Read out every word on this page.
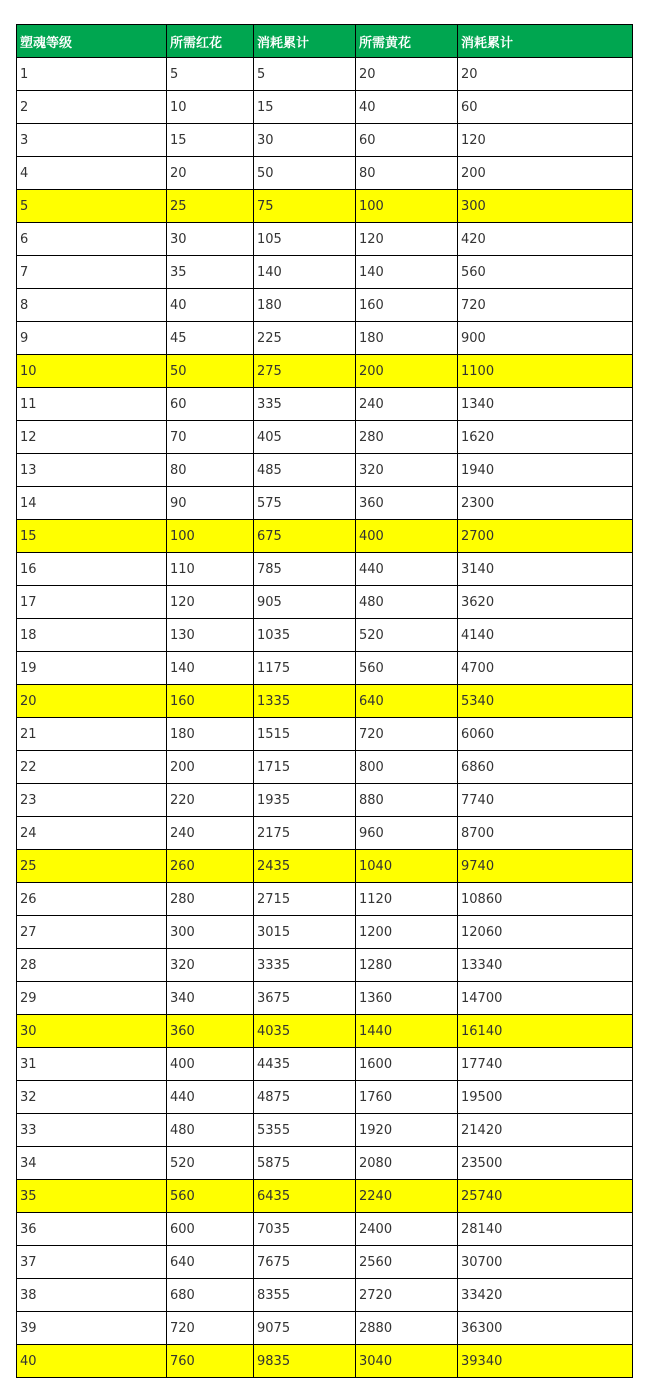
塑魂等级	所需红花	消耗累计	所需黄花	消耗累计
1	5	5	20	20
2	10	15	40	60
3	15	30	60	120
4	20	50	80	200
5	25	75	100	300
6	30	105	120	420
7	35	140	140	560
8	40	180	160	720
9	45	225	180	900
10	50	275	200	1100
11	60	335	240	1340
12	70	405	280	1620
13	80	485	320	1940
14	90	575	360	2300
15	100	675	400	2700
16	110	785	440	3140
17	120	905	480	3620
18	130	1035	520	4140
19	140	1175	560	4700
20	160	1335	640	5340
21	180	1515	720	6060
22	200	1715	800	6860
23	220	1935	880	7740
24	240	2175	960	8700
25	260	2435	1040	9740
26	280	2715	1120	10860
27	300	3015	1200	12060
28	320	3335	1280	13340
29	340	3675	1360	14700
30	360	4035	1440	16140
31	400	4435	1600	17740
32	440	4875	1760	19500
33	480	5355	1920	21420
34	520	5875	2080	23500
35	560	6435	2240	25740
36	600	7035	2400	28140
37	640	7675	2560	30700
38	680	8355	2720	33420
39	720	9075	2880	36300
40	760	9835	3040	39340
